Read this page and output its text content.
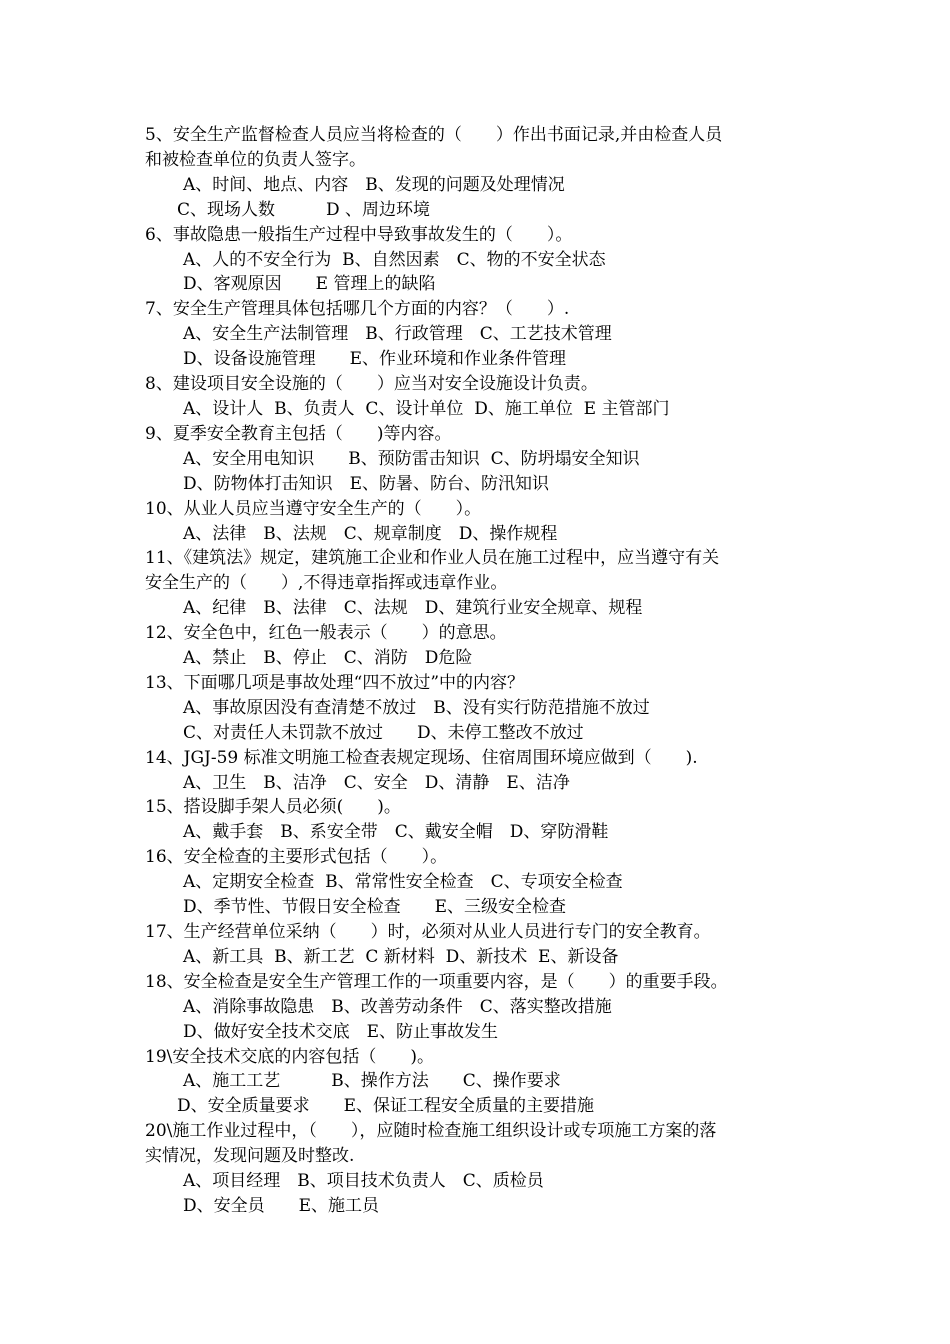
5、安全生产监督检查人员应当将检查的（　　）作出书面记录,并由检查人员
和被检查单位的负责人签字。
A、时间、地点、内容　B、发现的问题及处理情况
C、现场人数　　　D 、周边环境
6、事故隐患一般指生产过程中导致事故发生的（　　）。
A、人的不安全行为  B、自然因素　C、物的不安全状态
D、客观原因　　E 管理上的缺陷
7、安全生产管理具体包括哪几个方面的内容？（　　）.
A、安全生产法制管理　B、行政管理　C、工艺技术管理
D、设备设施管理　　E、作业环境和作业条件管理
8、建设项目安全设施的（　　）应当对安全设施设计负责。
A、设计人  B、负责人  C、设计单位  D、施工单位  E 主管部门
9、夏季安全教育主包括（　　)等内容。
A、安全用电知识　　B、预防雷击知识  C、防坍塌安全知识
D、防物体打击知识　E、防暑、防台、防汛知识
10、从业人员应当遵守安全生产的（　　）。
A、法律　B、法规　C、规章制度　D、操作规程
11、《建筑法》规定，建筑施工企业和作业人员在施工过程中，应当遵守有关
安全生产的（　　）,不得违章指挥或违章作业。
A、纪律　B、法律　C、法规　D、建筑行业安全规章、规程
12、安全色中，红色一般表示（　　）的意思。
A、禁止　B、停止　C、消防　D危险
13、下面哪几项是事故处理“四不放过”中的内容？
A、事故原因没有查清楚不放过　B、没有实行防范措施不放过
C、对责任人未罚款不放过　　D、未停工整改不放过
14、JGJ-59 标准文明施工检查表规定现场、住宿周围环境应做到（　　).
A、卫生　B、洁净　C、安全　D、清静　E、洁净
15、搭设脚手架人员必须(　　)。
A、戴手套　B、系安全带　C、戴安全帽　D、穿防滑鞋
16、安全检查的主要形式包括（　　）。
A、定期安全检查  B、常常性安全检查　C、专项安全检查
D、季节性、节假日安全检查　　E、三级安全检查
17、生产经营单位采纳（　　）时，必须对从业人员进行专门的安全教育。
A、新工具  B、新工艺  C 新材料  D、新技术  E、新设备
18、安全检查是安全生产管理工作的一项重要内容，是（　　）的重要手段。
A、消除事故隐患　B、改善劳动条件　C、落实整改措施
D、做好安全技术交底　E、防止事故发生
19\安全技术交底的内容包括（　　)。
A、施工工艺　　　B、操作方法　　C、操作要求
D、安全质量要求　　E、保证工程安全质量的主要措施
20\施工作业过程中，（　　），应随时检查施工组织设计或专项施工方案的落
实情况，发现问题及时整改.
A、项目经理　B、项目技术负责人　C、质检员
D、安全员　　E、施工员
